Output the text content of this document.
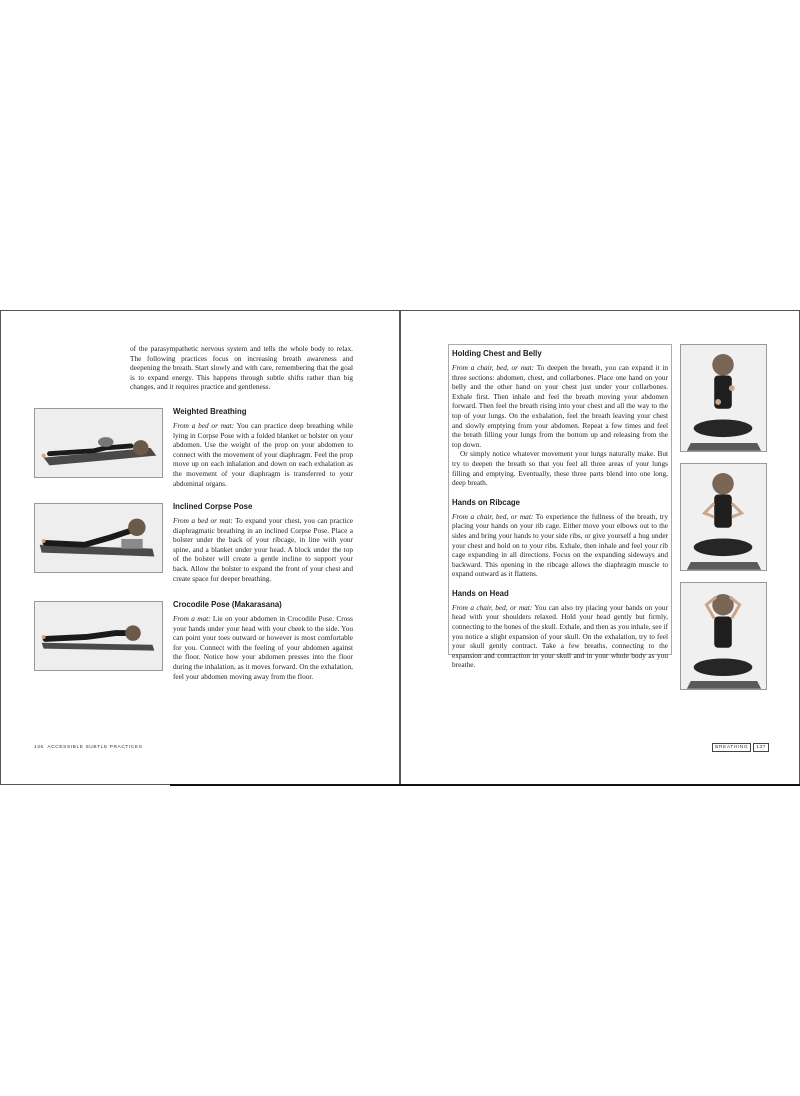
of the parasympathetic nervous system and tells the whole body to relax. The following practices focus on increasing breath awareness and deepening the breath. Start slowly and with care, remembering that the goal is to expand energy. This happens through subtle shifts rather than big changes, and it requires practice and gentleness.

Weighted Breathing

From a bed or mat: You can practice deep breathing while lying in Corpse Pose with a folded blanket or bolster on your abdomen. Use the weight of the prop on your abdomen to connect with the movement of your diaphragm. Feel the prop move up on each inhalation and down on each exhalation as the movement of your diaphragm is transferred to your abdominal organs.

Inclined Corpse Pose

From a bed or mat: To expand your chest, you can practice diaphragmatic breathing in an inclined Corpse Pose. Place a bolster under the back of your ribcage, in line with your spine, and a blanket under your head. A block under the top of the bolster will create a gentle incline to support your back. Allow the bolster to expand the front of your chest and create space for deeper breathing.

Crocodile Pose (Makarasana)

From a mat: Lie on your abdomen in Crocodile Pose. Cross your hands under your head with your cheek to the side. You can point your toes outward or however is most comfortable for you. Connect with the feeling of your abdomen against the floor. Notice how your abdomen presses into the floor during the inhalation, as it moves forward. On the exhalation, feel your abdomen moving away from the floor.

136 ACCESSIBLE SUBTLE PRACTICES

Holding Chest and Belly

From a chair, bed, or mat: To deepen the breath, you can expand it in three sections: abdomen, chest, and collarbones. Place one hand on your belly and the other hand on your chest just under your collarbones. Exhale first. Then inhale and feel the breath moving your abdomen forward. Then feel the breath rising into your chest and all the way to the top of your lungs. On the exhalation, feel the breath leaving your chest and slowly emptying from your abdomen. Repeat a few times and feel the breath filling your lungs from the bottom up and releasing from the top down.

Or simply notice whatever movement your lungs naturally make. But try to deepen the breath so that you feel all three areas of your lungs filling and emptying. Eventually, these three parts blend into one long, deep breath.

Hands on Ribcage

From a chair, bed, or mat: To experience the fullness of the breath, try placing your hands on your rib cage. Either move your elbows out to the sides and bring your hands to your side ribs, or give yourself a hug under your chest and hold on to your ribs. Exhale, then inhale and feel your rib cage expanding in all directions. Focus on the expanding sideways and backward. This opening in the ribcage allows the diaphragm muscle to expand outward as it flattens.

Hands on Head

From a chair, bed, or mat: You can also try placing your hands on your head with your shoulders relaxed. Hold your head gently but firmly, connecting to the bones of the skull. Exhale, and then as you inhale, see if you notice a slight expansion of your skull. On the exhalation, try to feel your skull gently contract. Take a few breaths, connecting to the expansion and contraction in your skull and in your whole body as you breathe.

BREATHING	137
